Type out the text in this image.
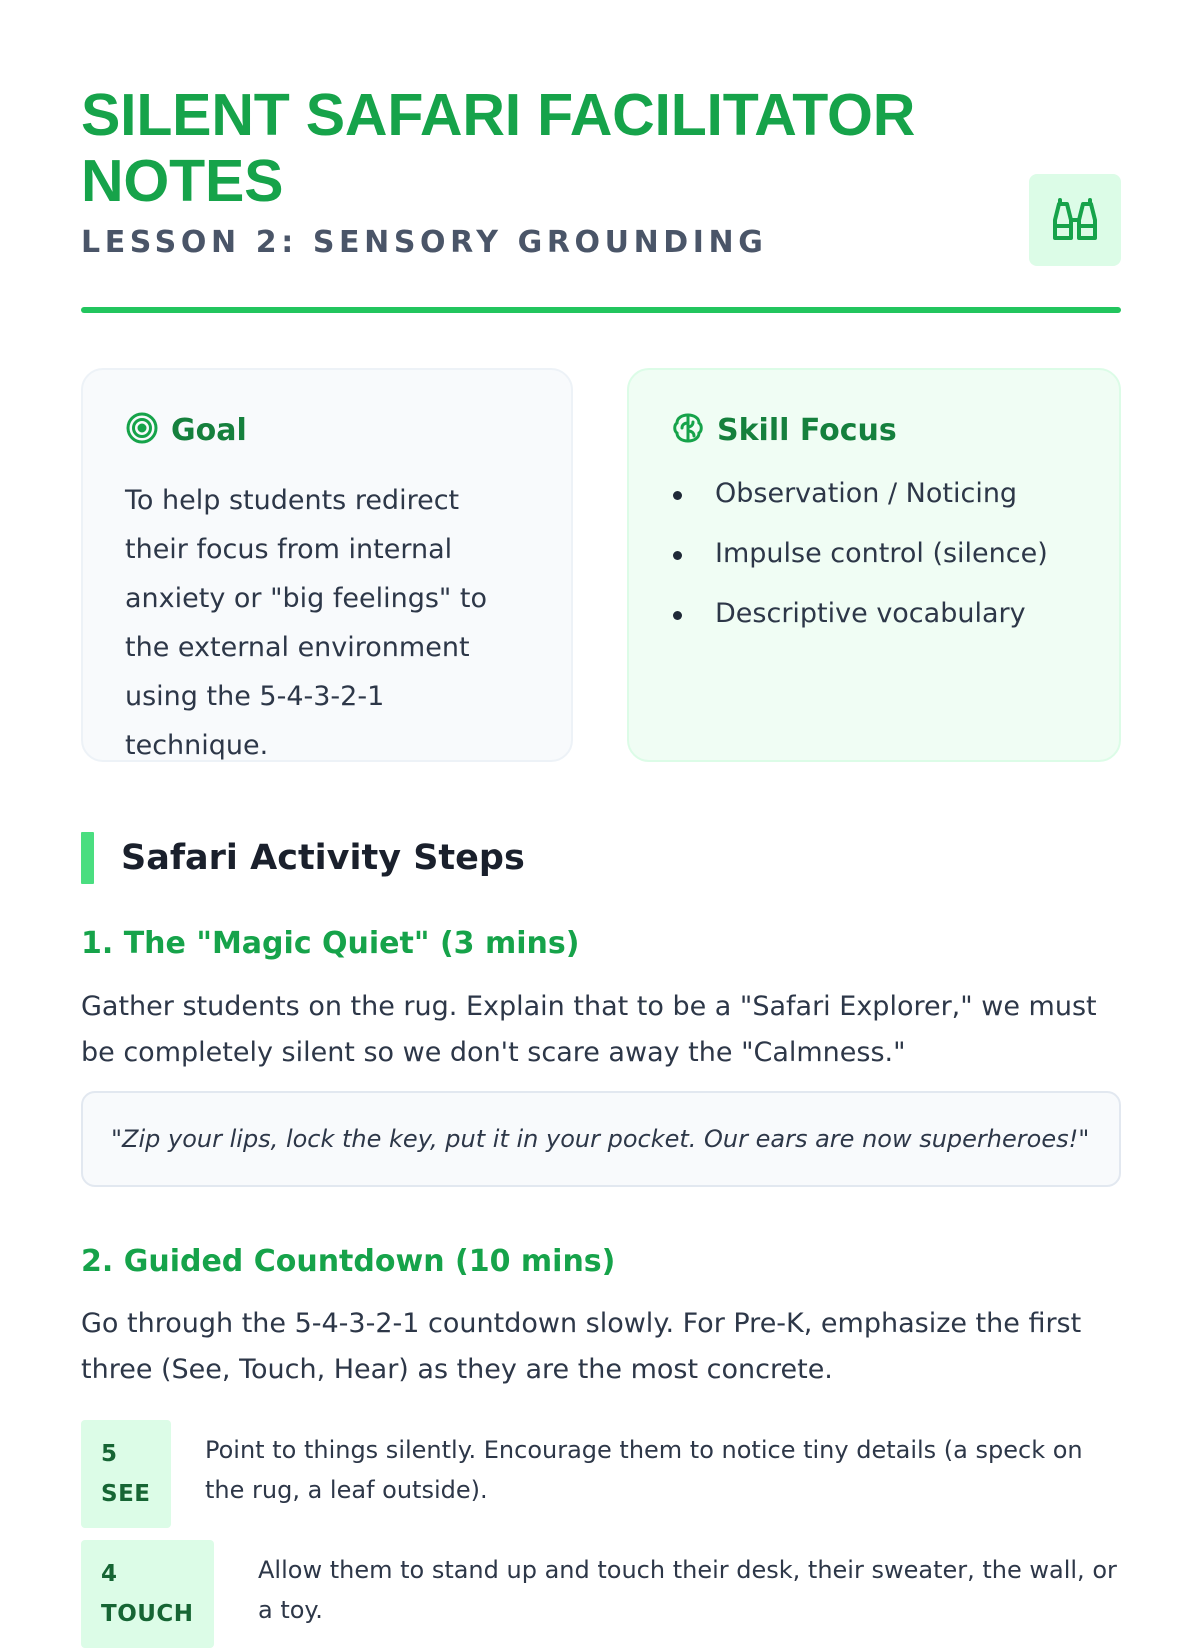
SILENT SAFARI FACILITATOR NOTES
LESSON 2: SENSORY GROUNDING
Goal

To help students redirect their focus from internal anxiety or "big feelings" to the external environment using the 5-4-3-2-1 technique.

Skill Focus
Observation / Noticing
Impulse control (silence)
Descriptive vocabulary
Safari Activity Steps
1. The "Magic Quiet" (3 mins)

Gather students on the rug. Explain that to be a "Safari Explorer," we must be completely silent so we don't scare away the "Calmness."

"Zip your lips, lock the key, put it in your pocket. Our ears are now superheroes!"
2. Guided Countdown (10 mins)

Go through the 5-4-3-2-1 countdown slowly. For Pre-K, emphasize the first three (See, Touch, Hear) as they are the most concrete.

5
SEE

Point to things silently. Encourage them to notice tiny details (a speck on the rug, a leaf outside).

4
TOUCH

Allow them to stand up and touch their desk, their sweater, the wall, or a toy.
